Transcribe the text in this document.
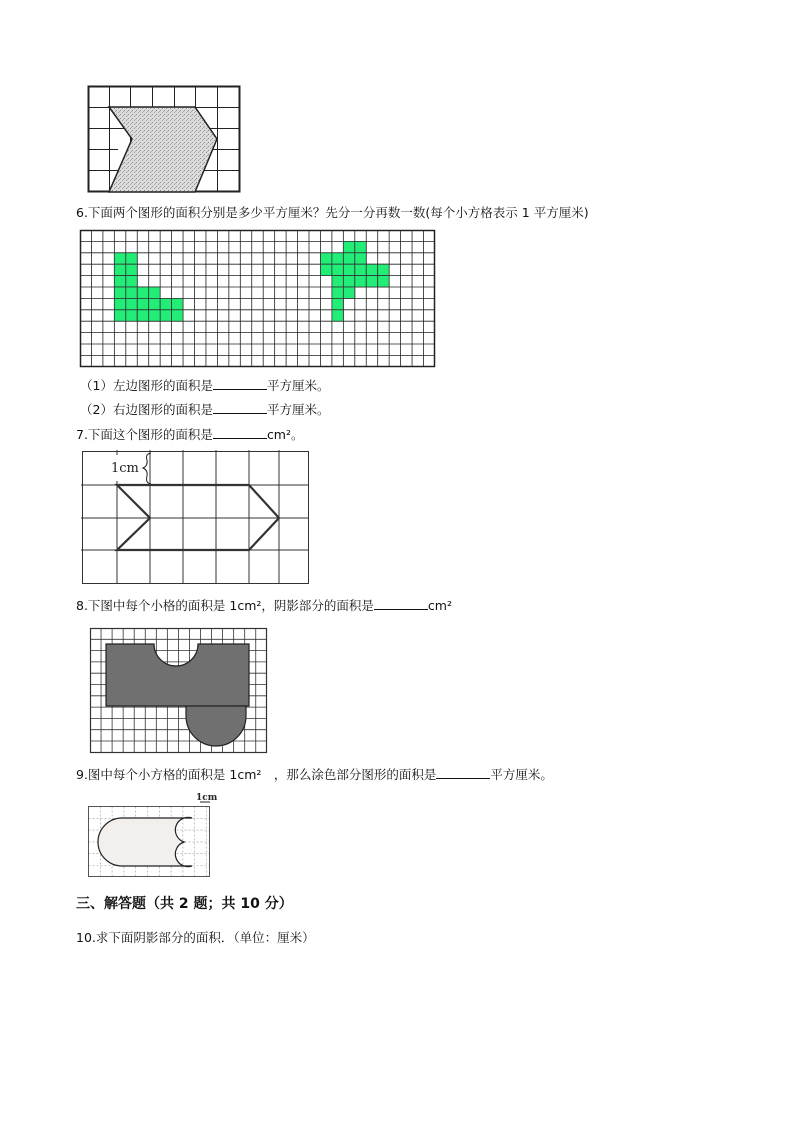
6.下面两个图形的面积分别是多少平方厘米？先分一分再数一数(每个小方格表示 1 平方厘米)
（1）左边图形的面积是	平方厘米。
（2）右边图形的面积是	平方厘米。
7.下面这个图形的面积是	cm²。
1cm
8.下图中每个小格的面积是 1cm²，阴影部分的面积是	cm²
9.图中每个小方格的面积是 1cm²　，那么涂色部分图形的面积是	平方厘米。
1cm
三、解答题（共 2 题；共 10 分）
10.求下面阴影部分的面积．（单位：厘米）
